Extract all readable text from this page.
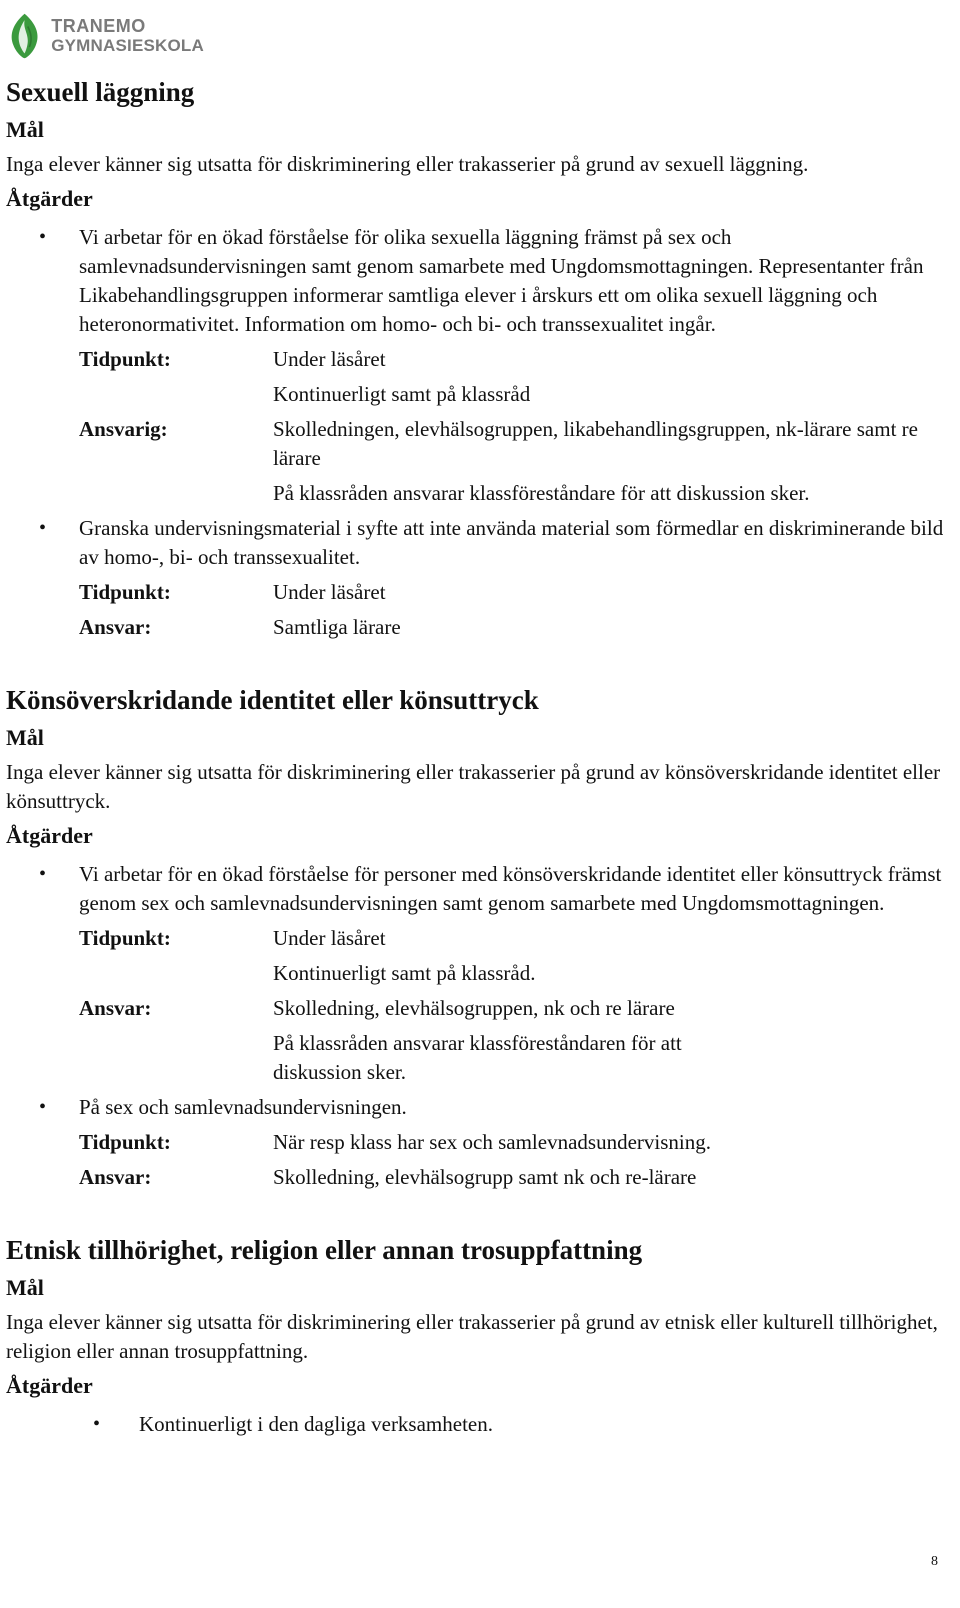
TRANEMO
GYMNASIESKOLA
Sexuell läggning
Mål
Inga elever känner sig utsatta för diskriminering eller trakasserier på grund av sexuell läggning.
Åtgärder
• Vi arbetar för en ökad förståelse för olika sexuella läggning främst på sex och samlevnadsundervisningen samt genom samarbete med Ungdomsmottagningen. Representanter från Likabehandlingsgruppen informerar samtliga elever i årskurs ett om olika sexuell läggning och heteronormativitet. Information om homo- och bi- och transsexualitet ingår.
Tidpunkt:	Under läsåret
Kontinuerligt samt på klassråd
Ansvarig:	Skolledningen, elevhälsogruppen, likabehandlingsgruppen, nk-lärare samt re lärare
På klassråden ansvarar klassföreståndare för att diskussion sker.
• Granska undervisningsmaterial i syfte att inte använda material som förmedlar en diskriminerande bild av homo-, bi- och transsexualitet.
Tidpunkt:	Under läsåret
Ansvar:	Samtliga lärare
Könsöverskridande identitet eller könsuttryck
Mål
Inga elever känner sig utsatta för diskriminering eller trakasserier på grund av könsöverskridande identitet eller könsuttryck.
Åtgärder
• Vi arbetar för en ökad förståelse för personer med könsöverskridande identitet eller könsuttryck främst genom sex och samlevnadsundervisningen samt genom samarbete med Ungdomsmottagningen.
Tidpunkt:	Under läsåret
Kontinuerligt samt på klassråd.
Ansvar:	Skolledning, elevhälsogruppen, nk och re lärare
På klassråden ansvarar klassföreståndaren för att diskussion sker.
• På sex och samlevnadsundervisningen.
Tidpunkt:	När resp klass har sex och samlevnadsundervisning.
Ansvar:	Skolledning, elevhälsogrupp samt nk och re-lärare
Etnisk tillhörighet, religion eller annan trosuppfattning
Mål
Inga elever känner sig utsatta för diskriminering eller trakasserier på grund av etnisk eller kulturell tillhörighet, religion eller annan trosuppfattning.
Åtgärder
• Kontinuerligt i den dagliga verksamheten.
8
